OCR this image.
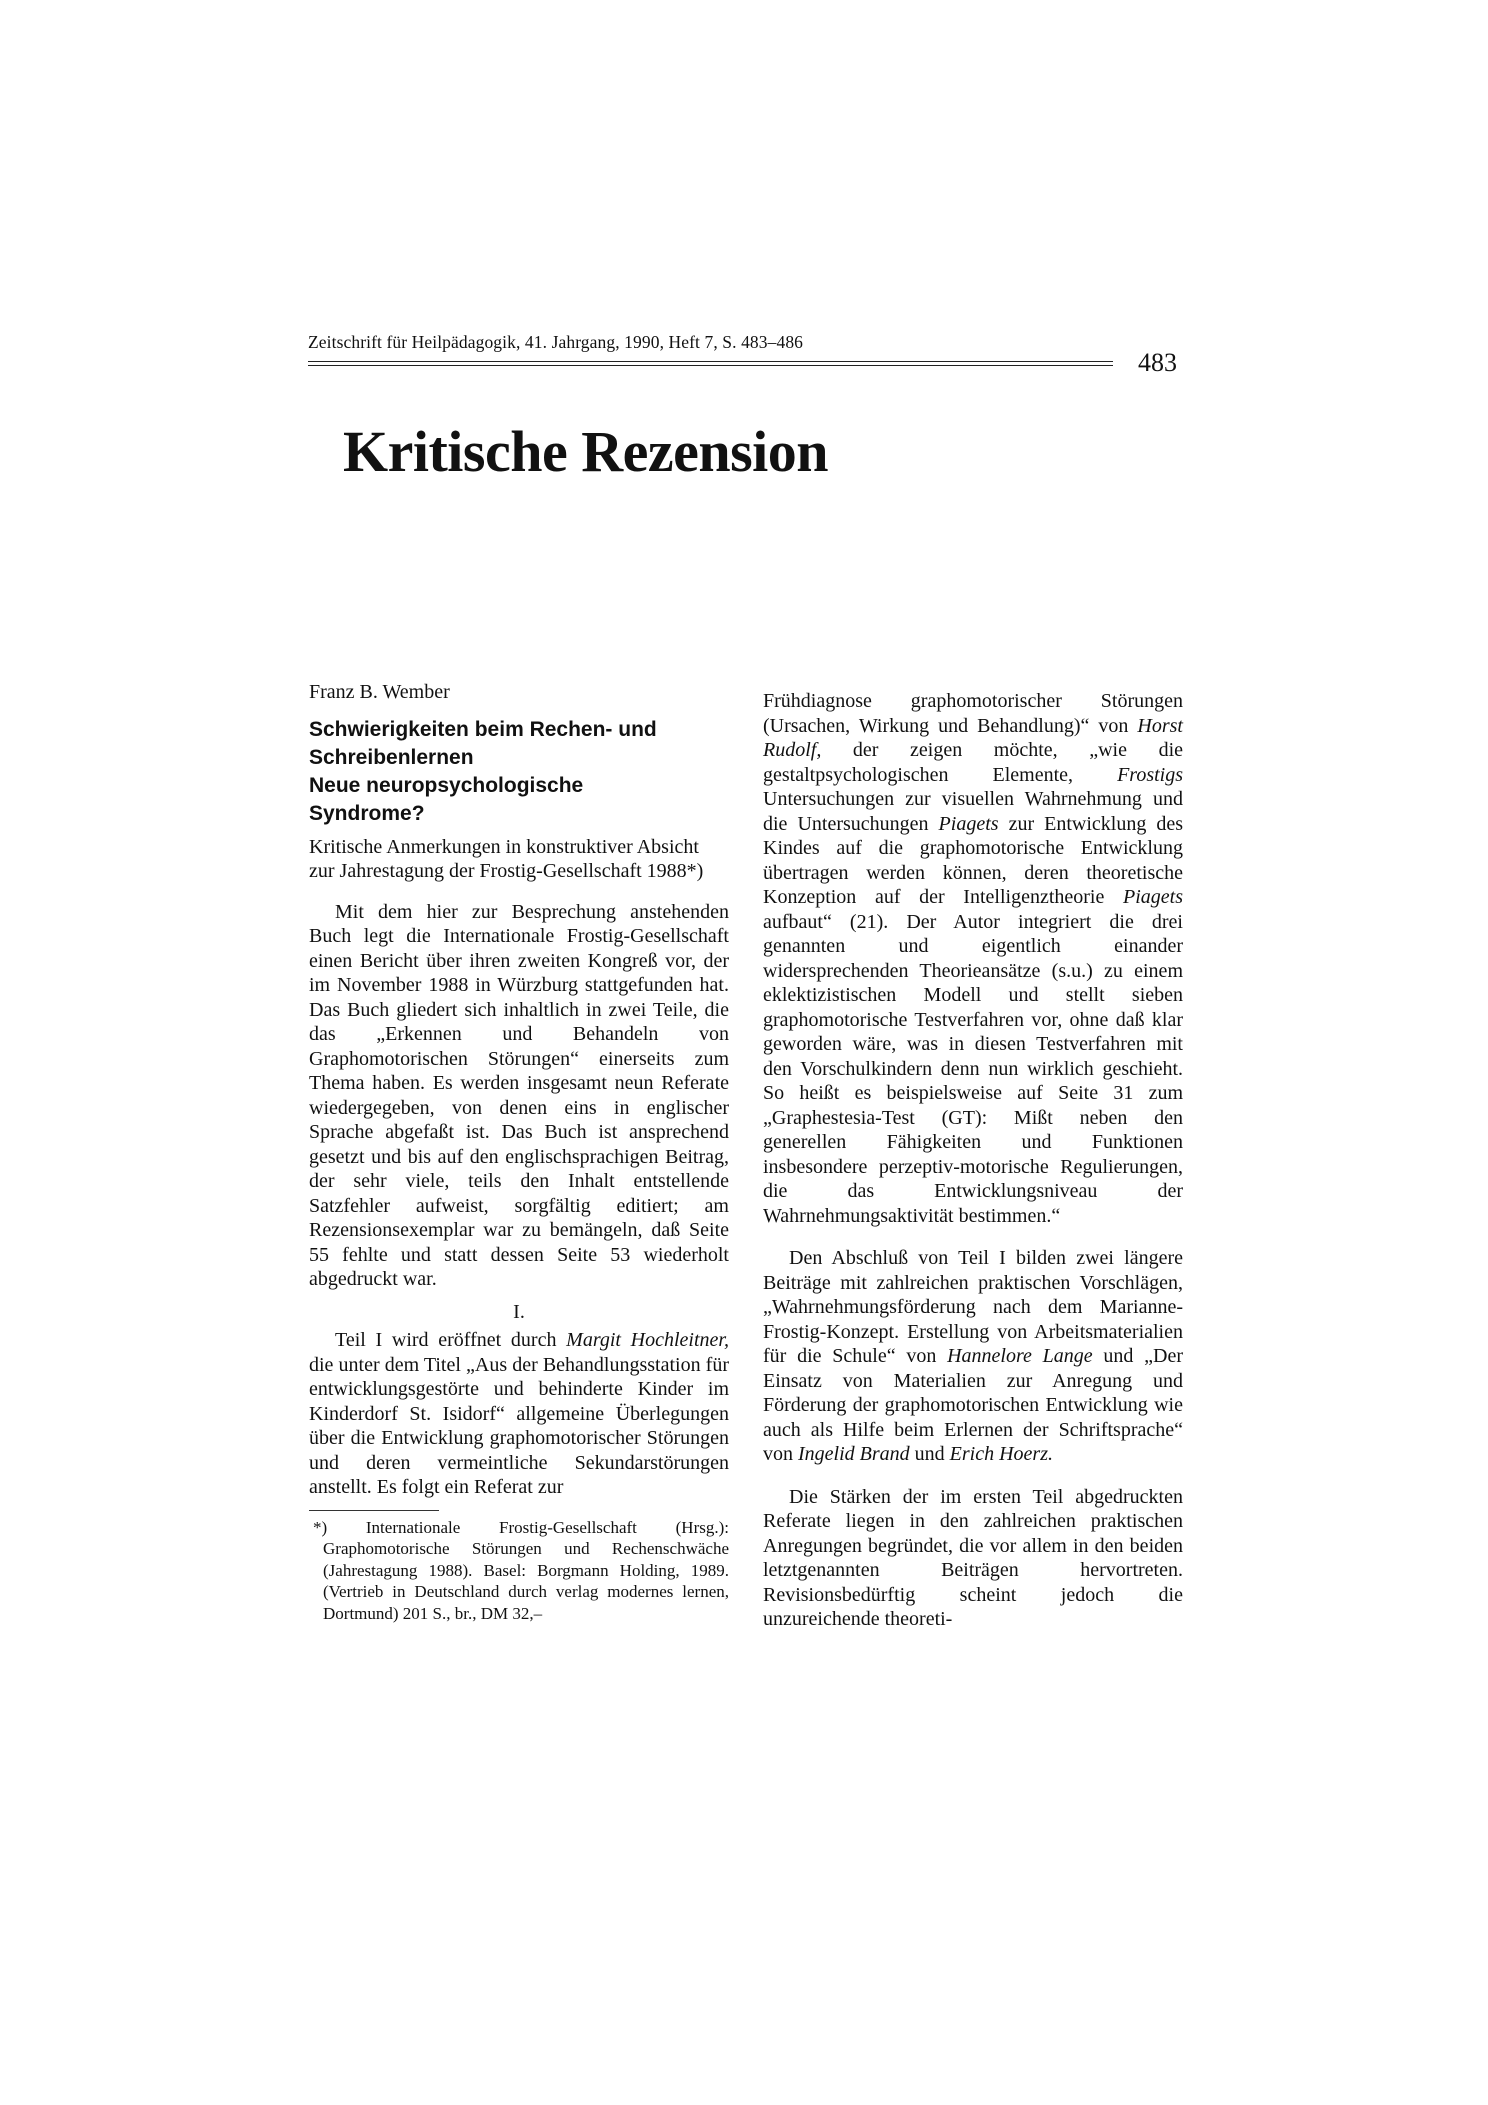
Zeitschrift für Heilpädagogik, 41. Jahrgang, 1990, Heft 7, S. 483–486
483
Kritische Rezension
Franz B. Wember
Schwierigkeiten beim Rechen- und
Schreibenlernen
Neue neuropsychologische
Syndrome?
Kritische Anmerkungen in konstruktiver Absicht zur Jahrestagung der Frostig-Gesellschaft 1988*)

Mit dem hier zur Besprechung anstehenden Buch legt die Internationale Frostig-Gesellschaft einen Bericht über ihren zweiten Kongreß vor, der im November 1988 in Würzburg stattgefunden hat. Das Buch gliedert sich inhaltlich in zwei Teile, die das „Erkennen und Behandeln von Graphomotorischen Störungen“ einerseits zum Thema haben. Es werden insgesamt neun Referate wiedergegeben, von denen eins in englischer Sprache abgefaßt ist. Das Buch ist ansprechend gesetzt und bis auf den englischsprachigen Beitrag, der sehr viele, teils den Inhalt entstellende Satzfehler aufweist, sorgfältig editiert; am Rezensionsexemplar war zu bemängeln, daß Seite 55 fehlte und statt dessen Seite 53 wiederholt abgedruckt war.

I.

Teil I wird eröffnet durch Margit Hochleitner, die unter dem Titel „Aus der Behandlungsstation für entwicklungsgestörte und behinderte Kinder im Kinderdorf St. Isidorf“ allgemeine Überlegungen über die Entwicklung graphomotorischer Störungen und deren vermeintliche Sekundarstörungen anstellt. Es folgt ein Referat zur

*) Internationale Frostig-Gesellschaft (Hrsg.): Graphomotorische Störungen und Rechenschwäche (Jahrestagung 1988). Basel: Borgmann Holding, 1989. (Vertrieb in Deutschland durch verlag modernes lernen, Dortmund) 201 S., br., DM 32,–

Frühdiagnose graphomotorischer Störungen (Ursachen, Wirkung und Behandlung)“ von Horst Rudolf, der zeigen möchte, „wie die gestaltpsychologischen Elemente, Frostigs Untersuchungen zur visuellen Wahrnehmung und die Untersuchungen Piagets zur Entwicklung des Kindes auf die graphomotorische Entwicklung übertragen werden können, deren theoretische Konzeption auf der Intelligenztheorie Piagets aufbaut“ (21). Der Autor integriert die drei genannten und eigentlich einander widersprechenden Theorieansätze (s.u.) zu einem eklektizistischen Modell und stellt sieben graphomotorische Testverfahren vor, ohne daß klar geworden wäre, was in diesen Testverfahren mit den Vorschulkindern denn nun wirklich geschieht. So heißt es beispielsweise auf Seite 31 zum „Graphestesia-Test (GT): Mißt neben den generellen Fähigkeiten und Funktionen insbesondere perzeptiv-motorische Regulierungen, die das Entwicklungsniveau der Wahrnehmungsaktivität bestimmen.“

Den Abschluß von Teil I bilden zwei längere Beiträge mit zahlreichen praktischen Vorschlägen, „Wahrnehmungsförderung nach dem Marianne-Frostig-Konzept. Erstellung von Arbeitsmaterialien für die Schule“ von Hannelore Lange und „Der Einsatz von Materialien zur Anregung und Förderung der graphomotorischen Entwicklung wie auch als Hilfe beim Erlernen der Schriftsprache“ von Ingelid Brand und Erich Hoerz.

Die Stärken der im ersten Teil abgedruckten Referate liegen in den zahlreichen praktischen Anregungen begründet, die vor allem in den beiden letztgenannten Beiträgen hervortreten. Revisionsbedürftig scheint jedoch die unzureichende theoreti-
